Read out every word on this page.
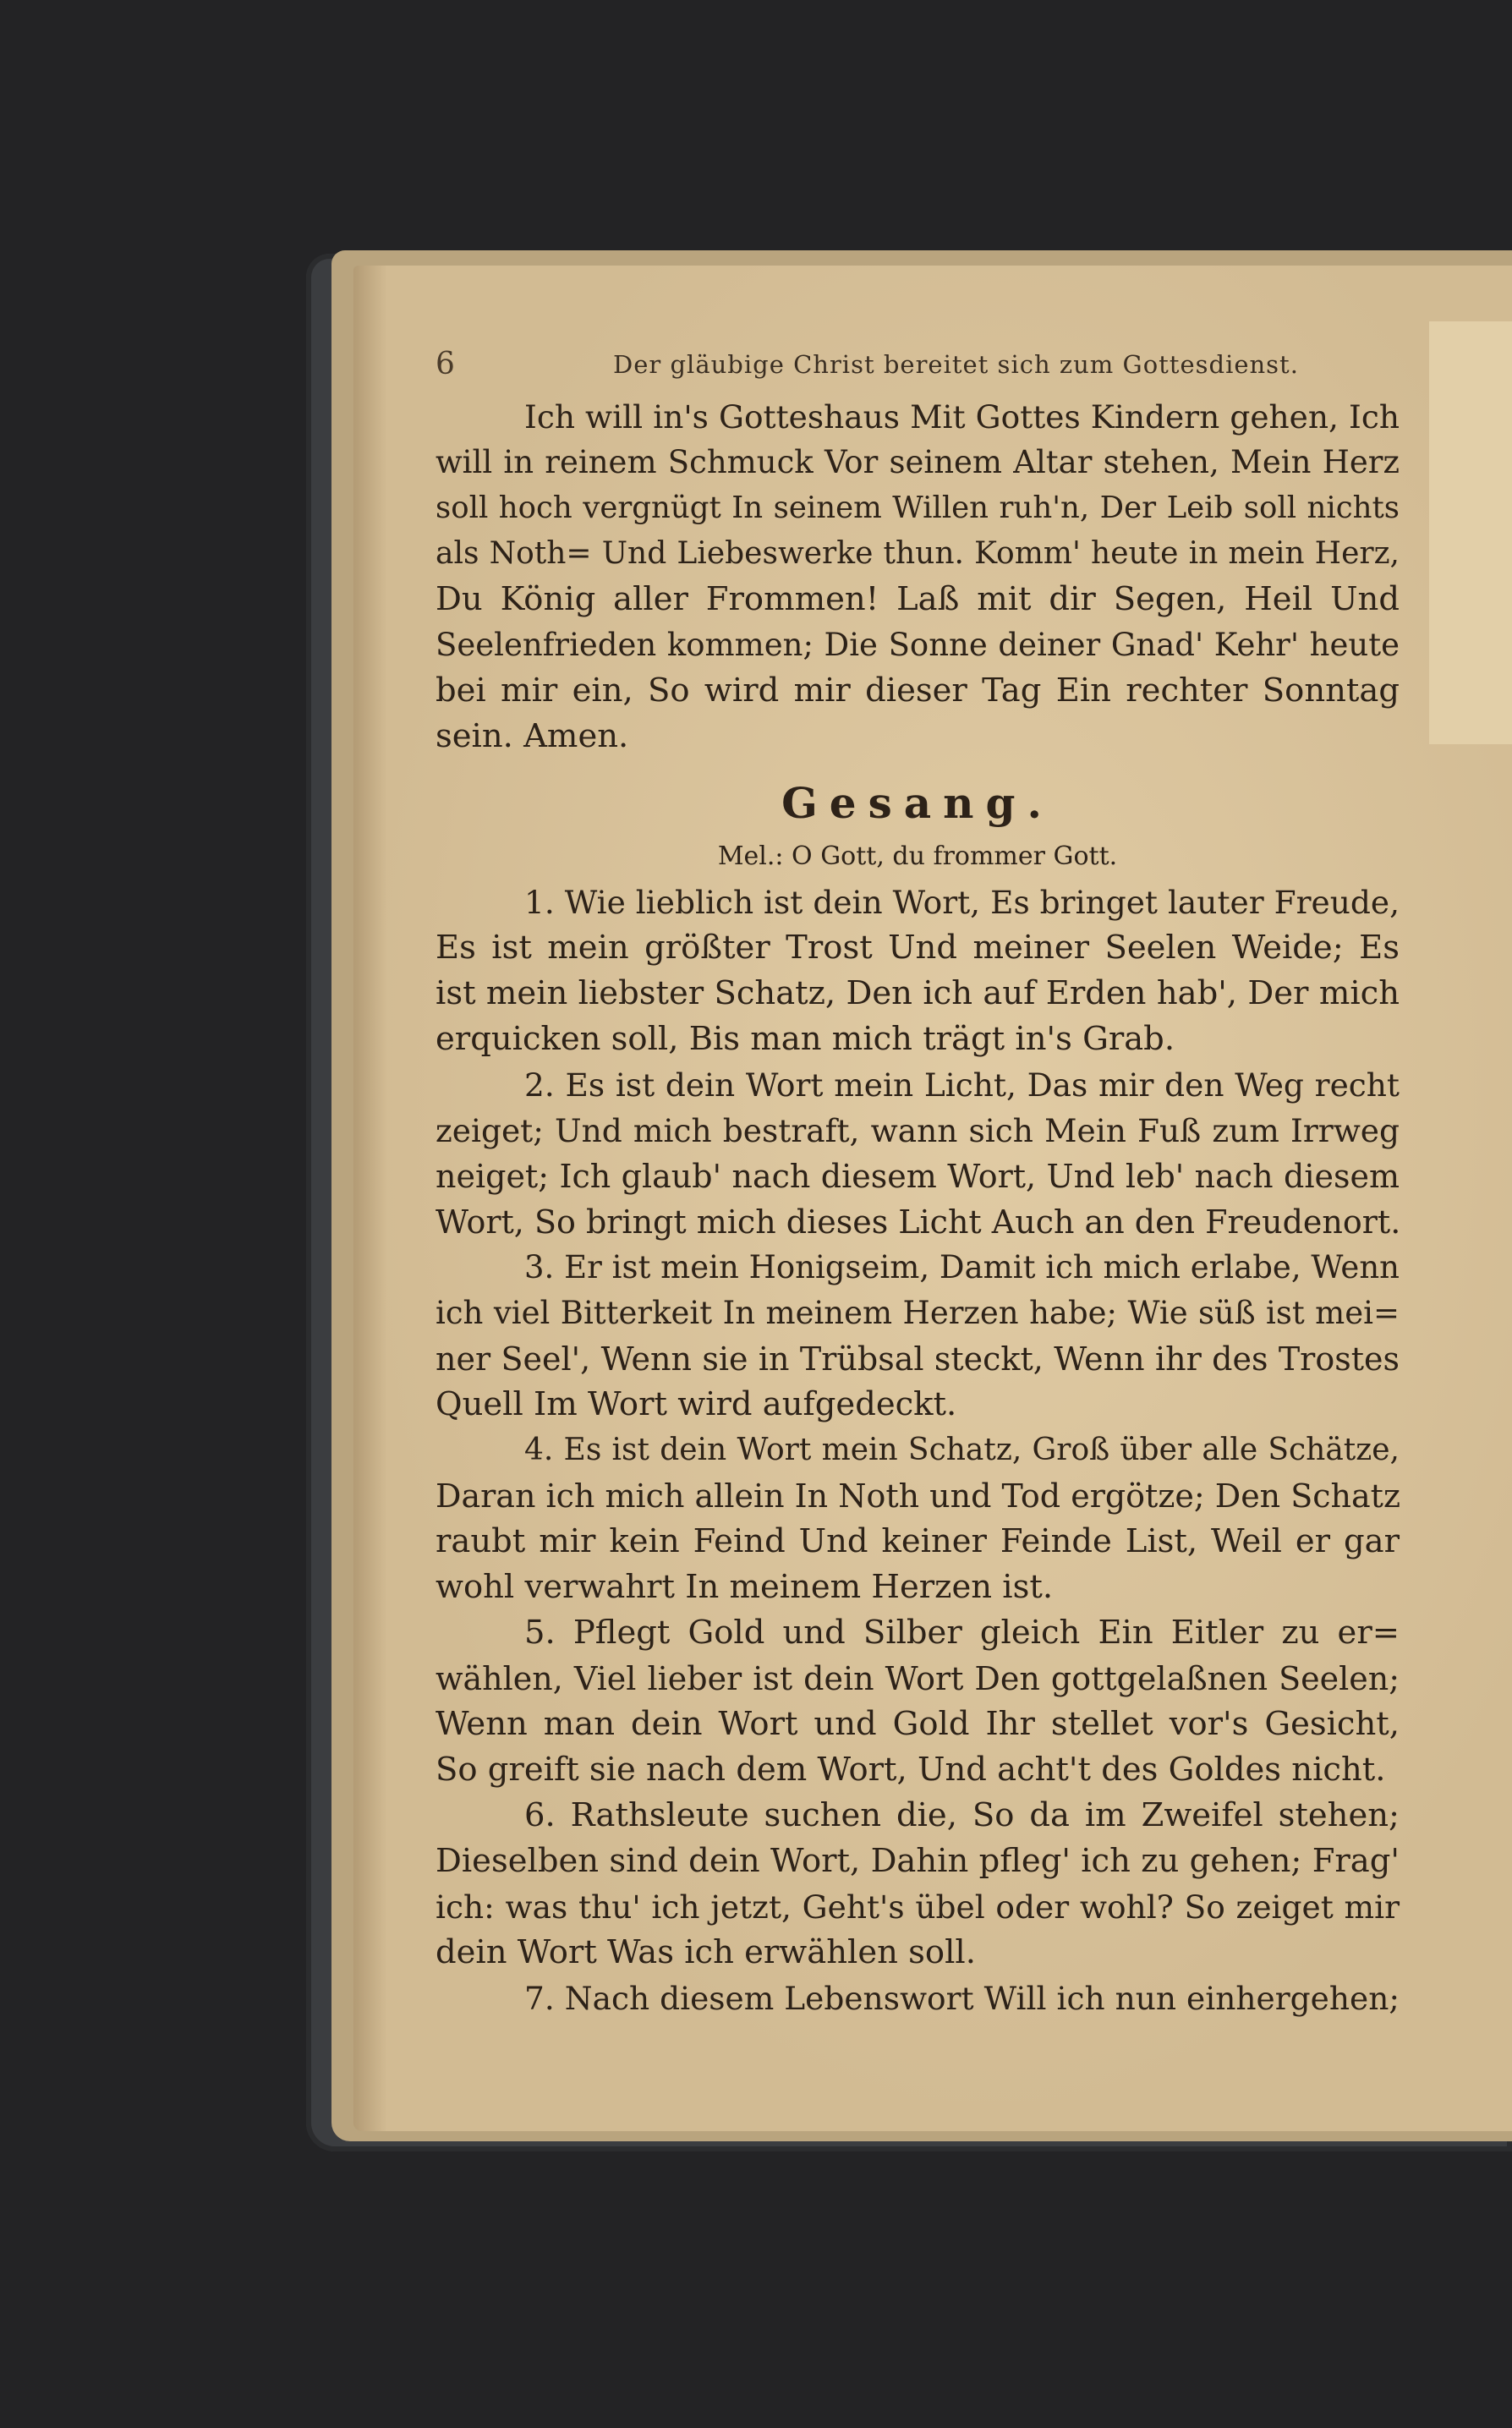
6	Der gläubige Christ bereitet sich zum Gottesdienst.
Ich will in's Gotteshaus Mit Gottes Kindern gehen, Ich
will in reinem Schmuck Vor seinem Altar stehen, Mein Herz
soll hoch vergnügt In seinem Willen ruh'n, Der Leib soll nichts
als Noth= Und Liebeswerke thun. Komm' heute in mein Herz,
Du König aller Frommen! Laß mit dir Segen, Heil Und
Seelenfrieden kommen; Die Sonne deiner Gnad' Kehr' heute
bei mir ein, So wird mir dieser Tag Ein rechter Sonntag
sein. Amen.
Gesang.
Mel.: O Gott, du frommer Gott.
1. Wie lieblich ist dein Wort, Es bringet lauter Freude,
Es ist mein größter Trost Und meiner Seelen Weide; Es
ist mein liebster Schatz, Den ich auf Erden hab', Der mich
erquicken soll, Bis man mich trägt in's Grab.
2. Es ist dein Wort mein Licht, Das mir den Weg recht
zeiget; Und mich bestraft, wann sich Mein Fuß zum Irrweg
neiget; Ich glaub' nach diesem Wort, Und leb' nach diesem
Wort, So bringt mich dieses Licht Auch an den Freudenort.
3. Er ist mein Honigseim, Damit ich mich erlabe, Wenn
ich viel Bitterkeit In meinem Herzen habe; Wie süß ist mei=
ner Seel', Wenn sie in Trübsal steckt, Wenn ihr des Trostes
Quell Im Wort wird aufgedeckt.
4. Es ist dein Wort mein Schatz, Groß über alle Schätze,
Daran ich mich allein In Noth und Tod ergötze; Den Schatz
raubt mir kein Feind Und keiner Feinde List, Weil er gar
wohl verwahrt In meinem Herzen ist.
5. Pflegt Gold und Silber gleich Ein Eitler zu er=
wählen, Viel lieber ist dein Wort Den gottgelaßnen Seelen;
Wenn man dein Wort und Gold Ihr stellet vor's Gesicht,
So greift sie nach dem Wort, Und acht't des Goldes nicht.
6. Rathsleute suchen die, So da im Zweifel stehen;
Dieselben sind dein Wort, Dahin pfleg' ich zu gehen; Frag'
ich: was thu' ich jetzt, Geht's übel oder wohl? So zeiget mir
dein Wort Was ich erwählen soll.
7. Nach diesem Lebenswort Will ich nun einhergehen;
